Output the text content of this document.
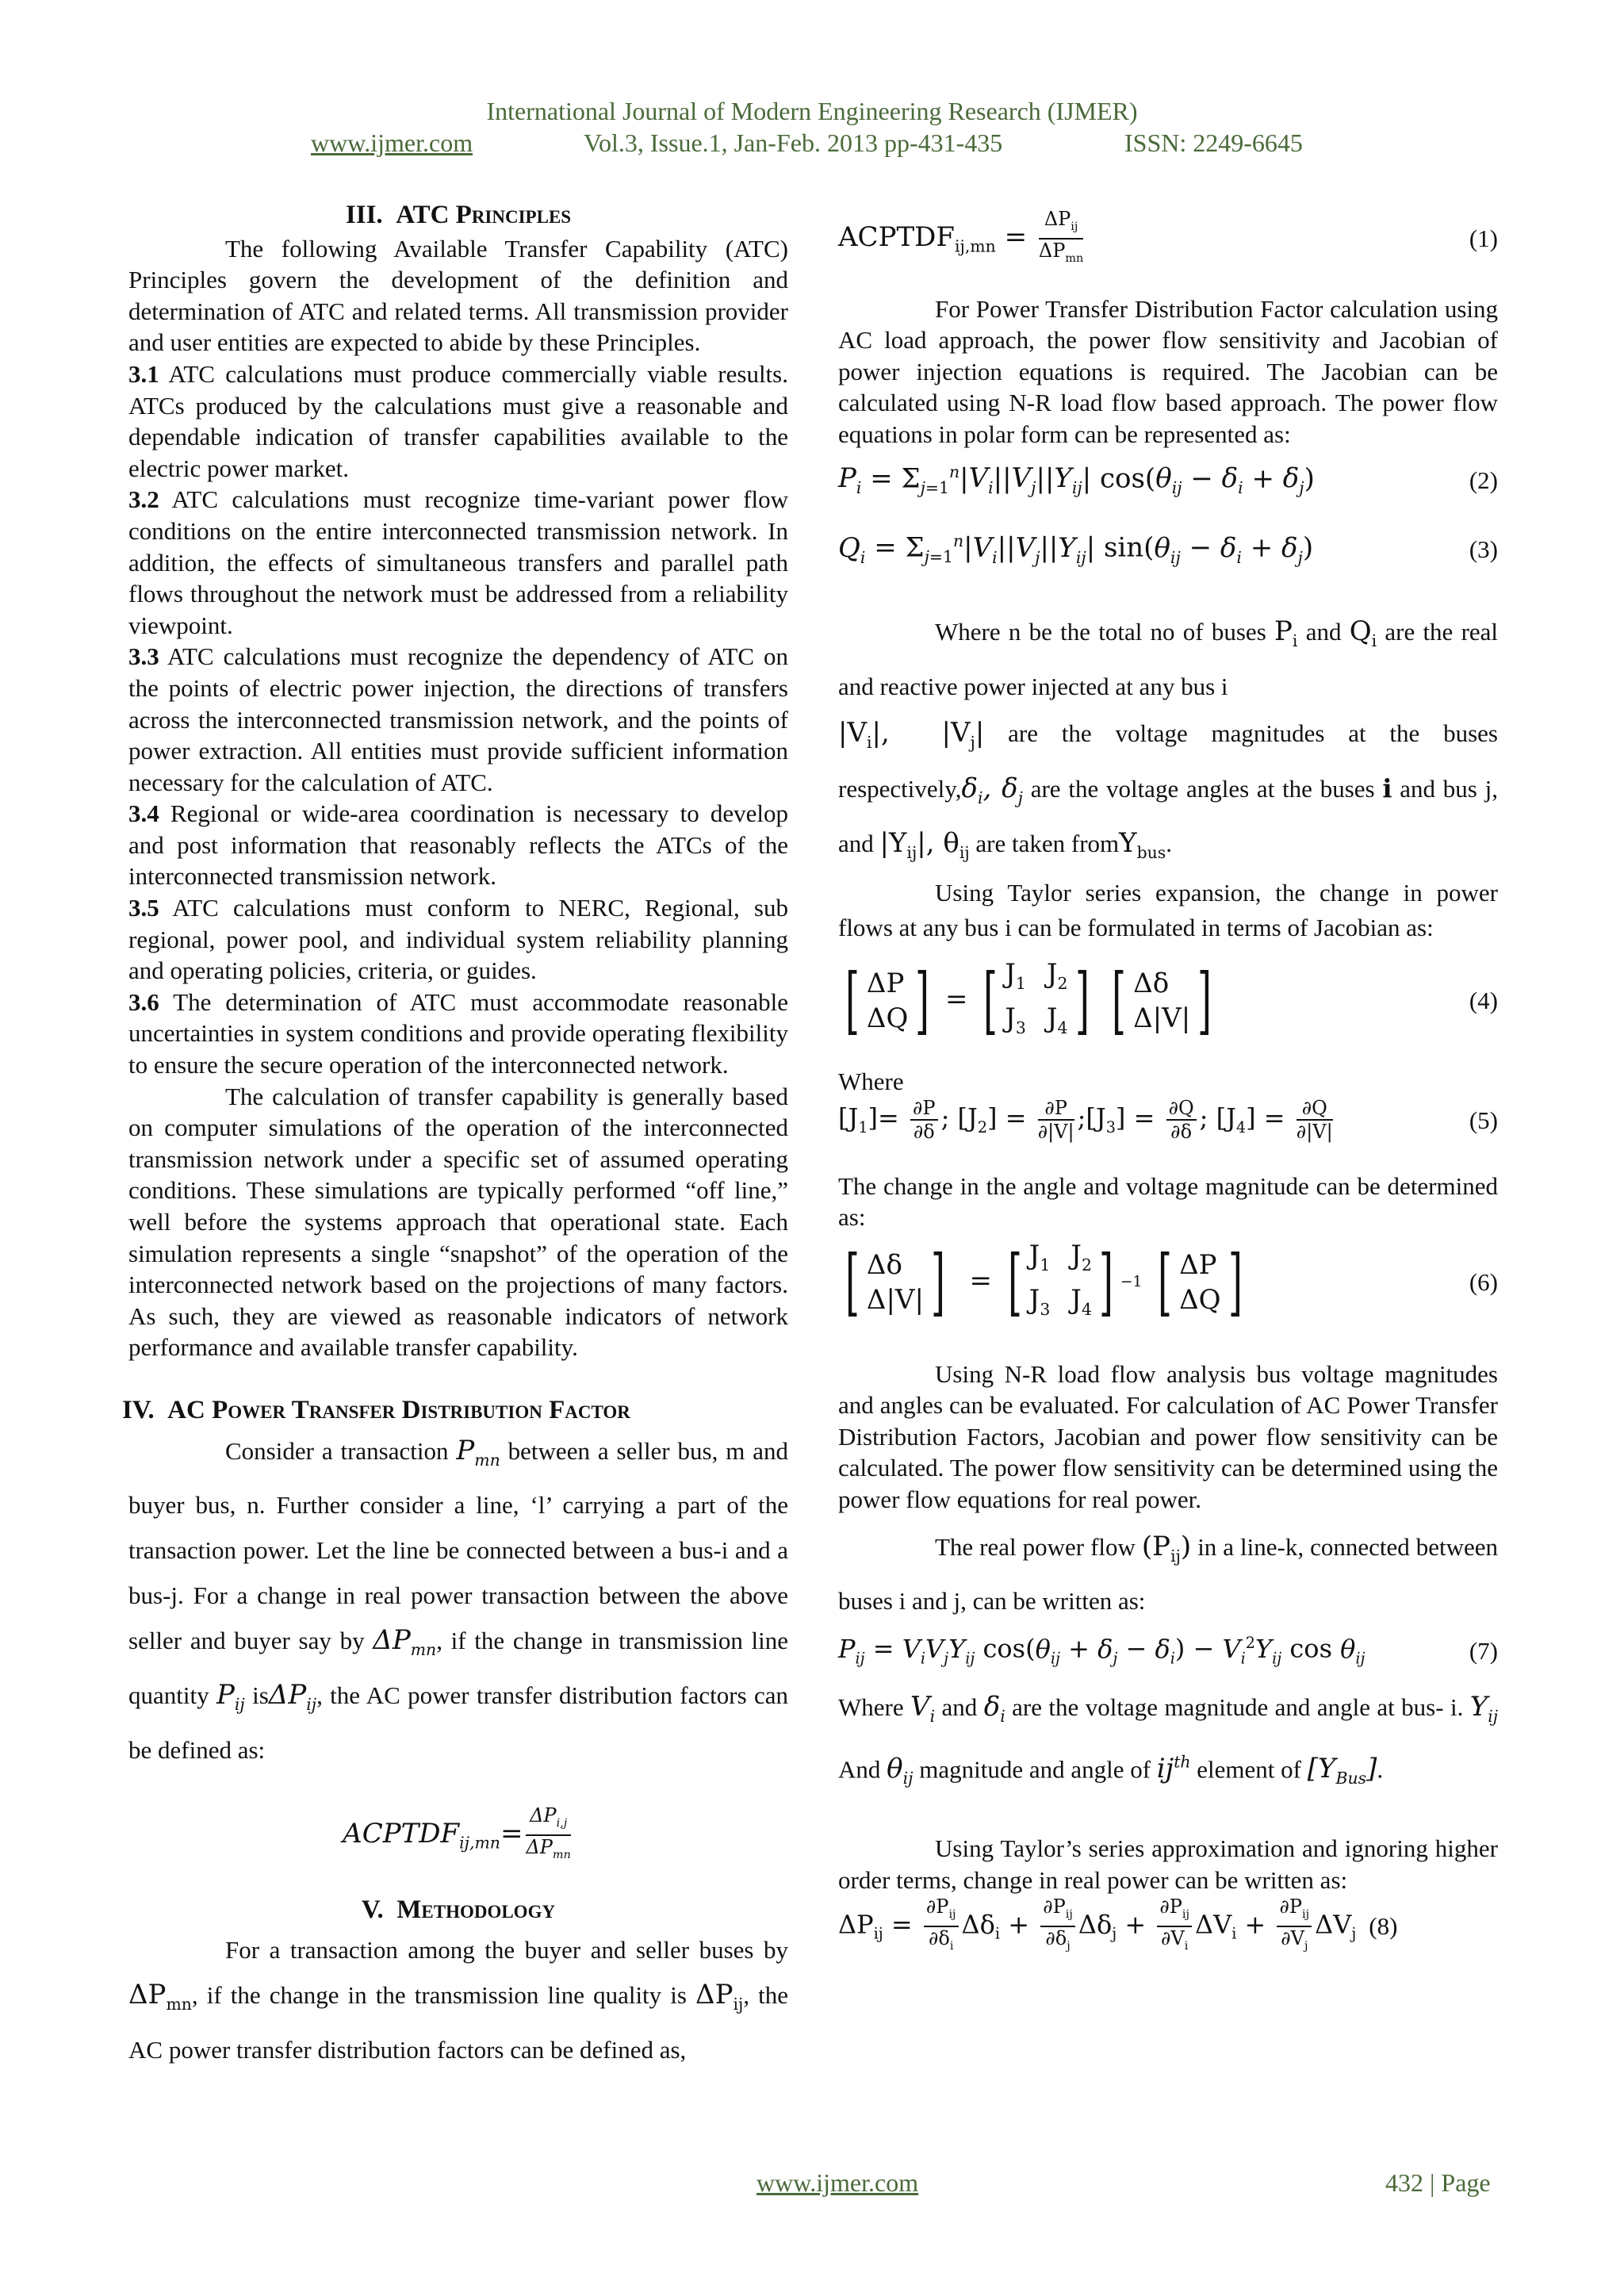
International Journal of Modern Engineering Research (IJMER)
www.ijmer.com	Vol.3, Issue.1, Jan-Feb. 2013 pp-431-435	ISSN: 2249-6645
III. ATC Principles

The following Available Transfer Capability (ATC) Principles govern the development of the definition and determination of ATC and related terms. All transmission provider and user entities are expected to abide by these Principles.

3.1 ATC calculations must produce commercially viable results. ATCs produced by the calculations must give a reasonable and dependable indication of transfer capabilities available to the electric power market.

3.2 ATC calculations must recognize time-variant power flow conditions on the entire interconnected transmission network. In addition, the effects of simultaneous transfers and parallel path flows throughout the network must be addressed from a reliability viewpoint.

3.3 ATC calculations must recognize the dependency of ATC on the points of electric power injection, the directions of transfers across the interconnected transmission network, and the points of power extraction. All entities must provide sufficient information necessary for the calculation of ATC.

3.4 Regional or wide-area coordination is necessary to develop and post information that reasonably reflects the ATCs of the interconnected transmission network.

3.5 ATC calculations must conform to NERC, Regional, sub regional, power pool, and individual system reliability planning and operating policies, criteria, or guides.

3.6 The determination of ATC must accommodate reasonable uncertainties in system conditions and provide operating flexibility to ensure the secure operation of the interconnected network.

The calculation of transfer capability is generally based on computer simulations of the operation of the interconnected transmission network under a specific set of assumed operating conditions. These simulations are typically performed “off line,” well before the systems approach that operational state. Each simulation represents a single “snapshot” of the operation of the interconnected network based on the projections of many factors. As such, they are viewed as reasonable indicators of network performance and available transfer capability.

IV. AC Power Transfer Distribution Factor

Consider a transaction $P_{mn}$ between a seller bus, m and buyer bus, n. Further consider a line, ‘l’ carrying a part of the transaction power. Let the line be connected between a bus-i and a bus-j. For a change in real power transaction between the above seller and buyer say by $\Delta P_{mn}$, if the change in transmission line quantity $P_{ij}$ isΔP$_{ij}$, the AC power transfer distribution factors can be defined as:

$ACPTDF_{ij,mn}= \frac{\Delta P_{i,j}}{\Delta P_{mn}}$
V. Methodology

For a transaction among the buyer and seller buses by $\Delta P_{mn}$, if the change in the transmission line quality is $\Delta P_{ij}$, the AC power transfer distribution factors can be defined as,

$ACPTDF_{ij,mn} = \frac{\Delta P_{ij}}{\Delta P_{mn}}$	(1)

For Power Transfer Distribution Factor calculation using AC load approach, the power flow sensitivity and Jacobian of power injection equations is required. The Jacobian can be calculated using N-R load flow based approach. The power flow equations in polar form can be represented as:

$P_i = \Sigma_{j=1}^n|V_i||V_j||Y_{ij}|$ $\cos(\theta_{ij} - \delta_i + \delta_j)$	(2)
$Q_i = \Sigma_{j=1}^n|V_i||V_j||Y_{ij}|$ $\sin(\theta_{ij} - \delta_i + \delta_j)$	(3)

Where n be the total no of buses $P_i$ and $Q_i$ are the real and reactive power injected at any bus i
$|V_i|$,  $|V_j|$ are the voltage magnitudes at the buses $respectively,\delta_i$, $\delta_j$ are the voltage angles at the buses i and bus j, and $|Y_{ij}|$, $\theta_{ij}$ are taken fromY$_{bus}$.

Using Taylor series expansion, the change in power flows at any bus i can be formulated in terms of Jacobian as:

[ ΔP
ΔQ ] = [ $J_1$ $J_2$
$J_3$ $J_4$ ]
[ Δδ
Δ|V| ]	(4)

Where

$[J_1]= \frac{\partial P}{\partial\delta}$ ; $[J_2] = \frac{\partial P}{\partial|V|}$ $;[J_3] = \frac{\partial Q}{\partial\delta}$ ; $[J_4] = \frac{\partial Q}{\partial|V|}$	(5)

The change in the angle and voltage magnitude can be determined as:

[ Δδ
Δ|V| ] = [ $J_1$ $J_2$
$J_3$ $J_4$ ] −1
[ ΔP
ΔQ ]	(6)

Using N-R load flow analysis bus voltage magnitudes and angles can be evaluated. For calculation of AC Power Transfer Distribution Factors, Jacobian and power flow sensitivity can be calculated. The power flow sensitivity can be determined using the power flow equations for real power.

The real power flow $(P_{ij})$ in a line-k, connected between buses i and j, can be written as:

$P_{ij} = V_iV_jY_{ij}$ $\cos(\theta_{ij} + \delta_j - \delta_i) - V_i^2Y_{ij}$ $\cos \theta_{ij}$	(7)

Where $V_i$ and $\delta_i$ are the voltage magnitude and angle at bus- i. $Y_{ij}$ And $\theta_{ij}$ magnitude and angle of $ij^{th}$ element of $[Y_{Bus}]$.

Using Taylor’s series approximation and ignoring higher order terms, change in real power can be written as:

$\Delta P_{ij} = \frac{\partial P_{ij}}{\partial\delta_i} \Delta\delta_i + \frac{\partial P_{ij}}{\partial\delta_j} \Delta\delta_j + \frac{\partial P_{ij}}{\partial V_i} \Delta V_i + \frac{\partial P_{ij}}{\partial V_j} \Delta V_j$ (8)
www.ijmer.com	432 | Page
